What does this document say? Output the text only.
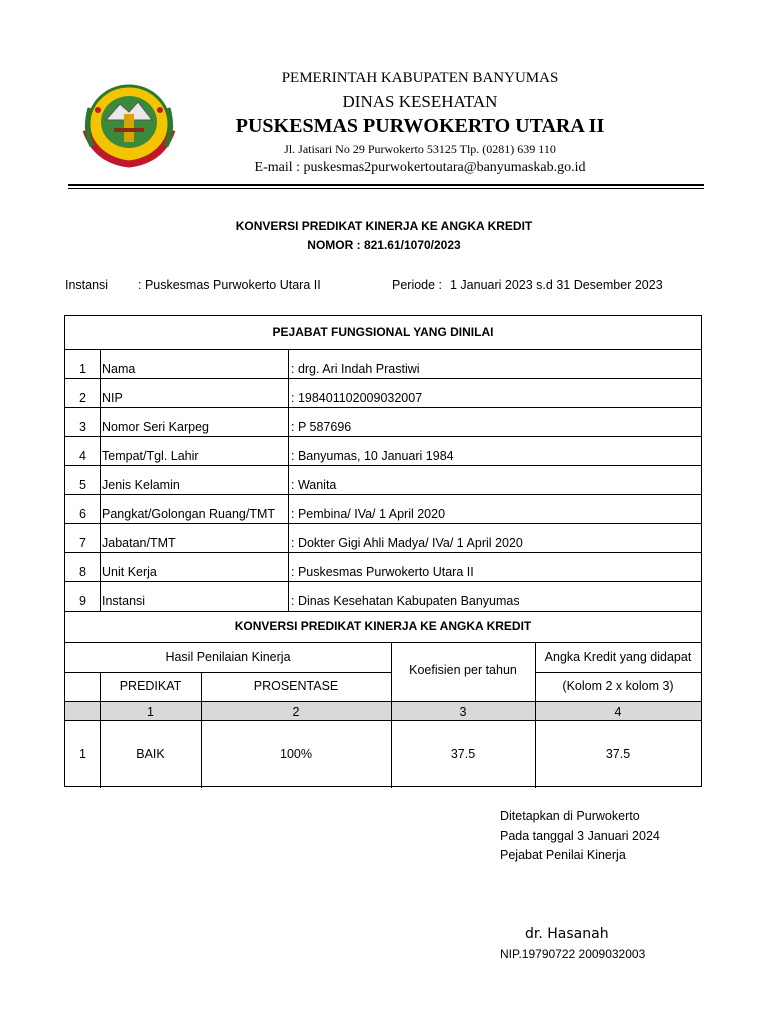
PEMERINTAH KABUPATEN BANYUMAS
DINAS KESEHATAN
PUSKESMAS PURWOKERTO UTARA II
Jl. Jatisari No 29 Purwokerto 53125 Tlp. (0281) 639 110
E-mail : puskesmas2purwokertoutara@banyumaskab.go.id
KONVERSI PREDIKAT KINERJA KE ANGKA KREDIT
NOMOR : 821.61/1070/2023
Instansi : Puskesmas Purwokerto Utara II	Periode : 1 Januari 2023 s.d 31 Desember 2023
PEJABAT FUNGSIONAL YANG DINILAI
1	Nama	: drg. Ari Indah Prastiwi
2	NIP	: 198401102009032007
3	Nomor Seri Karpeg	: P 587696
4	Tempat/Tgl. Lahir	: Banyumas, 10 Januari 1984
5	Jenis Kelamin	: Wanita
6	Pangkat/Golongan Ruang/TMT : Pembina/ IVa/ 1 April 2020
7	Jabatan/TMT	: Dokter Gigi Ahli Madya/ IVa/ 1 April 2020
8	Unit Kerja	: Puskesmas Purwokerto Utara II
9	Instansi	: Dinas Kesehatan Kabupaten Banyumas
KONVERSI PREDIKAT KINERJA KE ANGKA KREDIT
Hasil Penilaian Kinerja
Koefisien per tahun
Angka Kredit yang didapat
PREDIKAT	PROSENTASE	(Kolom 2 x kolom 3)
1	2	3	4
1	BAIK	100%	37.5	37.5
Ditetapkan di Purwokerto
Pada tanggal 3 Januari 2024
Pejabat Penilai Kinerja
dr. Hasanah
NIP.19790722 2009032003
